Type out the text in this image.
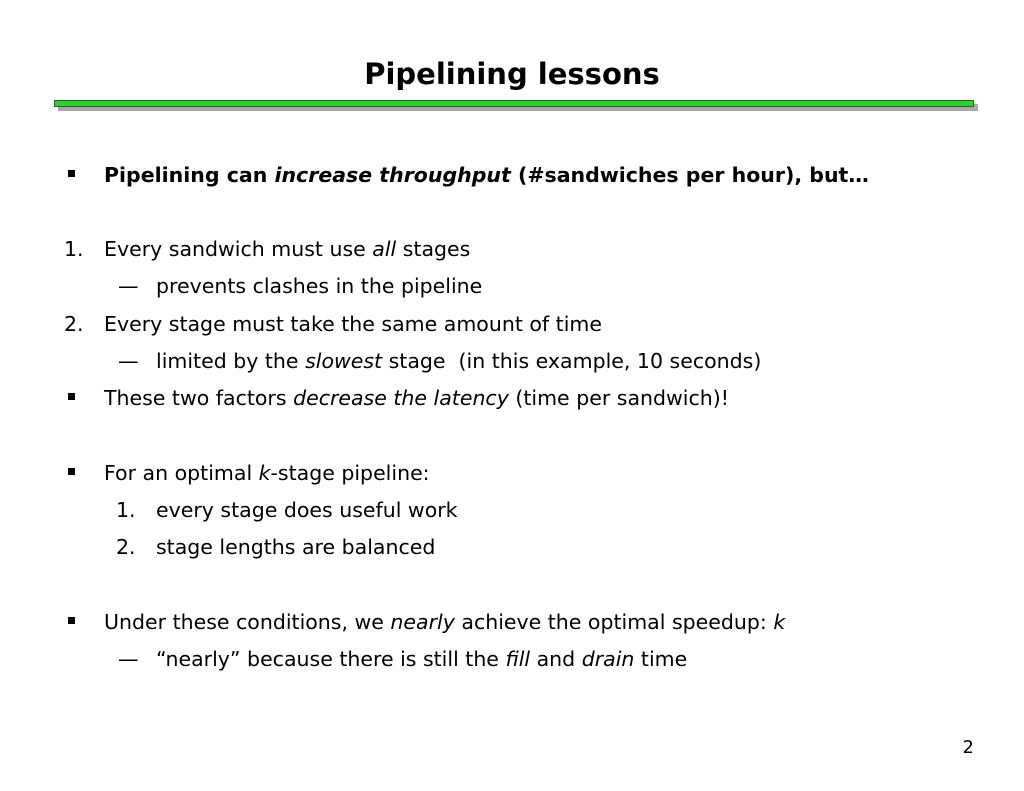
Pipelining lessons
Pipelining can increase throughput (#sandwiches per hour), but…
1. Every sandwich must use all stages
— prevents clashes in the pipeline
2. Every stage must take the same amount of time
— limited by the slowest stage  (in this example, 10 seconds)
These two factors decrease the latency (time per sandwich)!
For an optimal k-stage pipeline:
1. every stage does useful work
2. stage lengths are balanced
Under these conditions, we nearly achieve the optimal speedup: k
— “nearly” because there is still the fill and drain time
2
